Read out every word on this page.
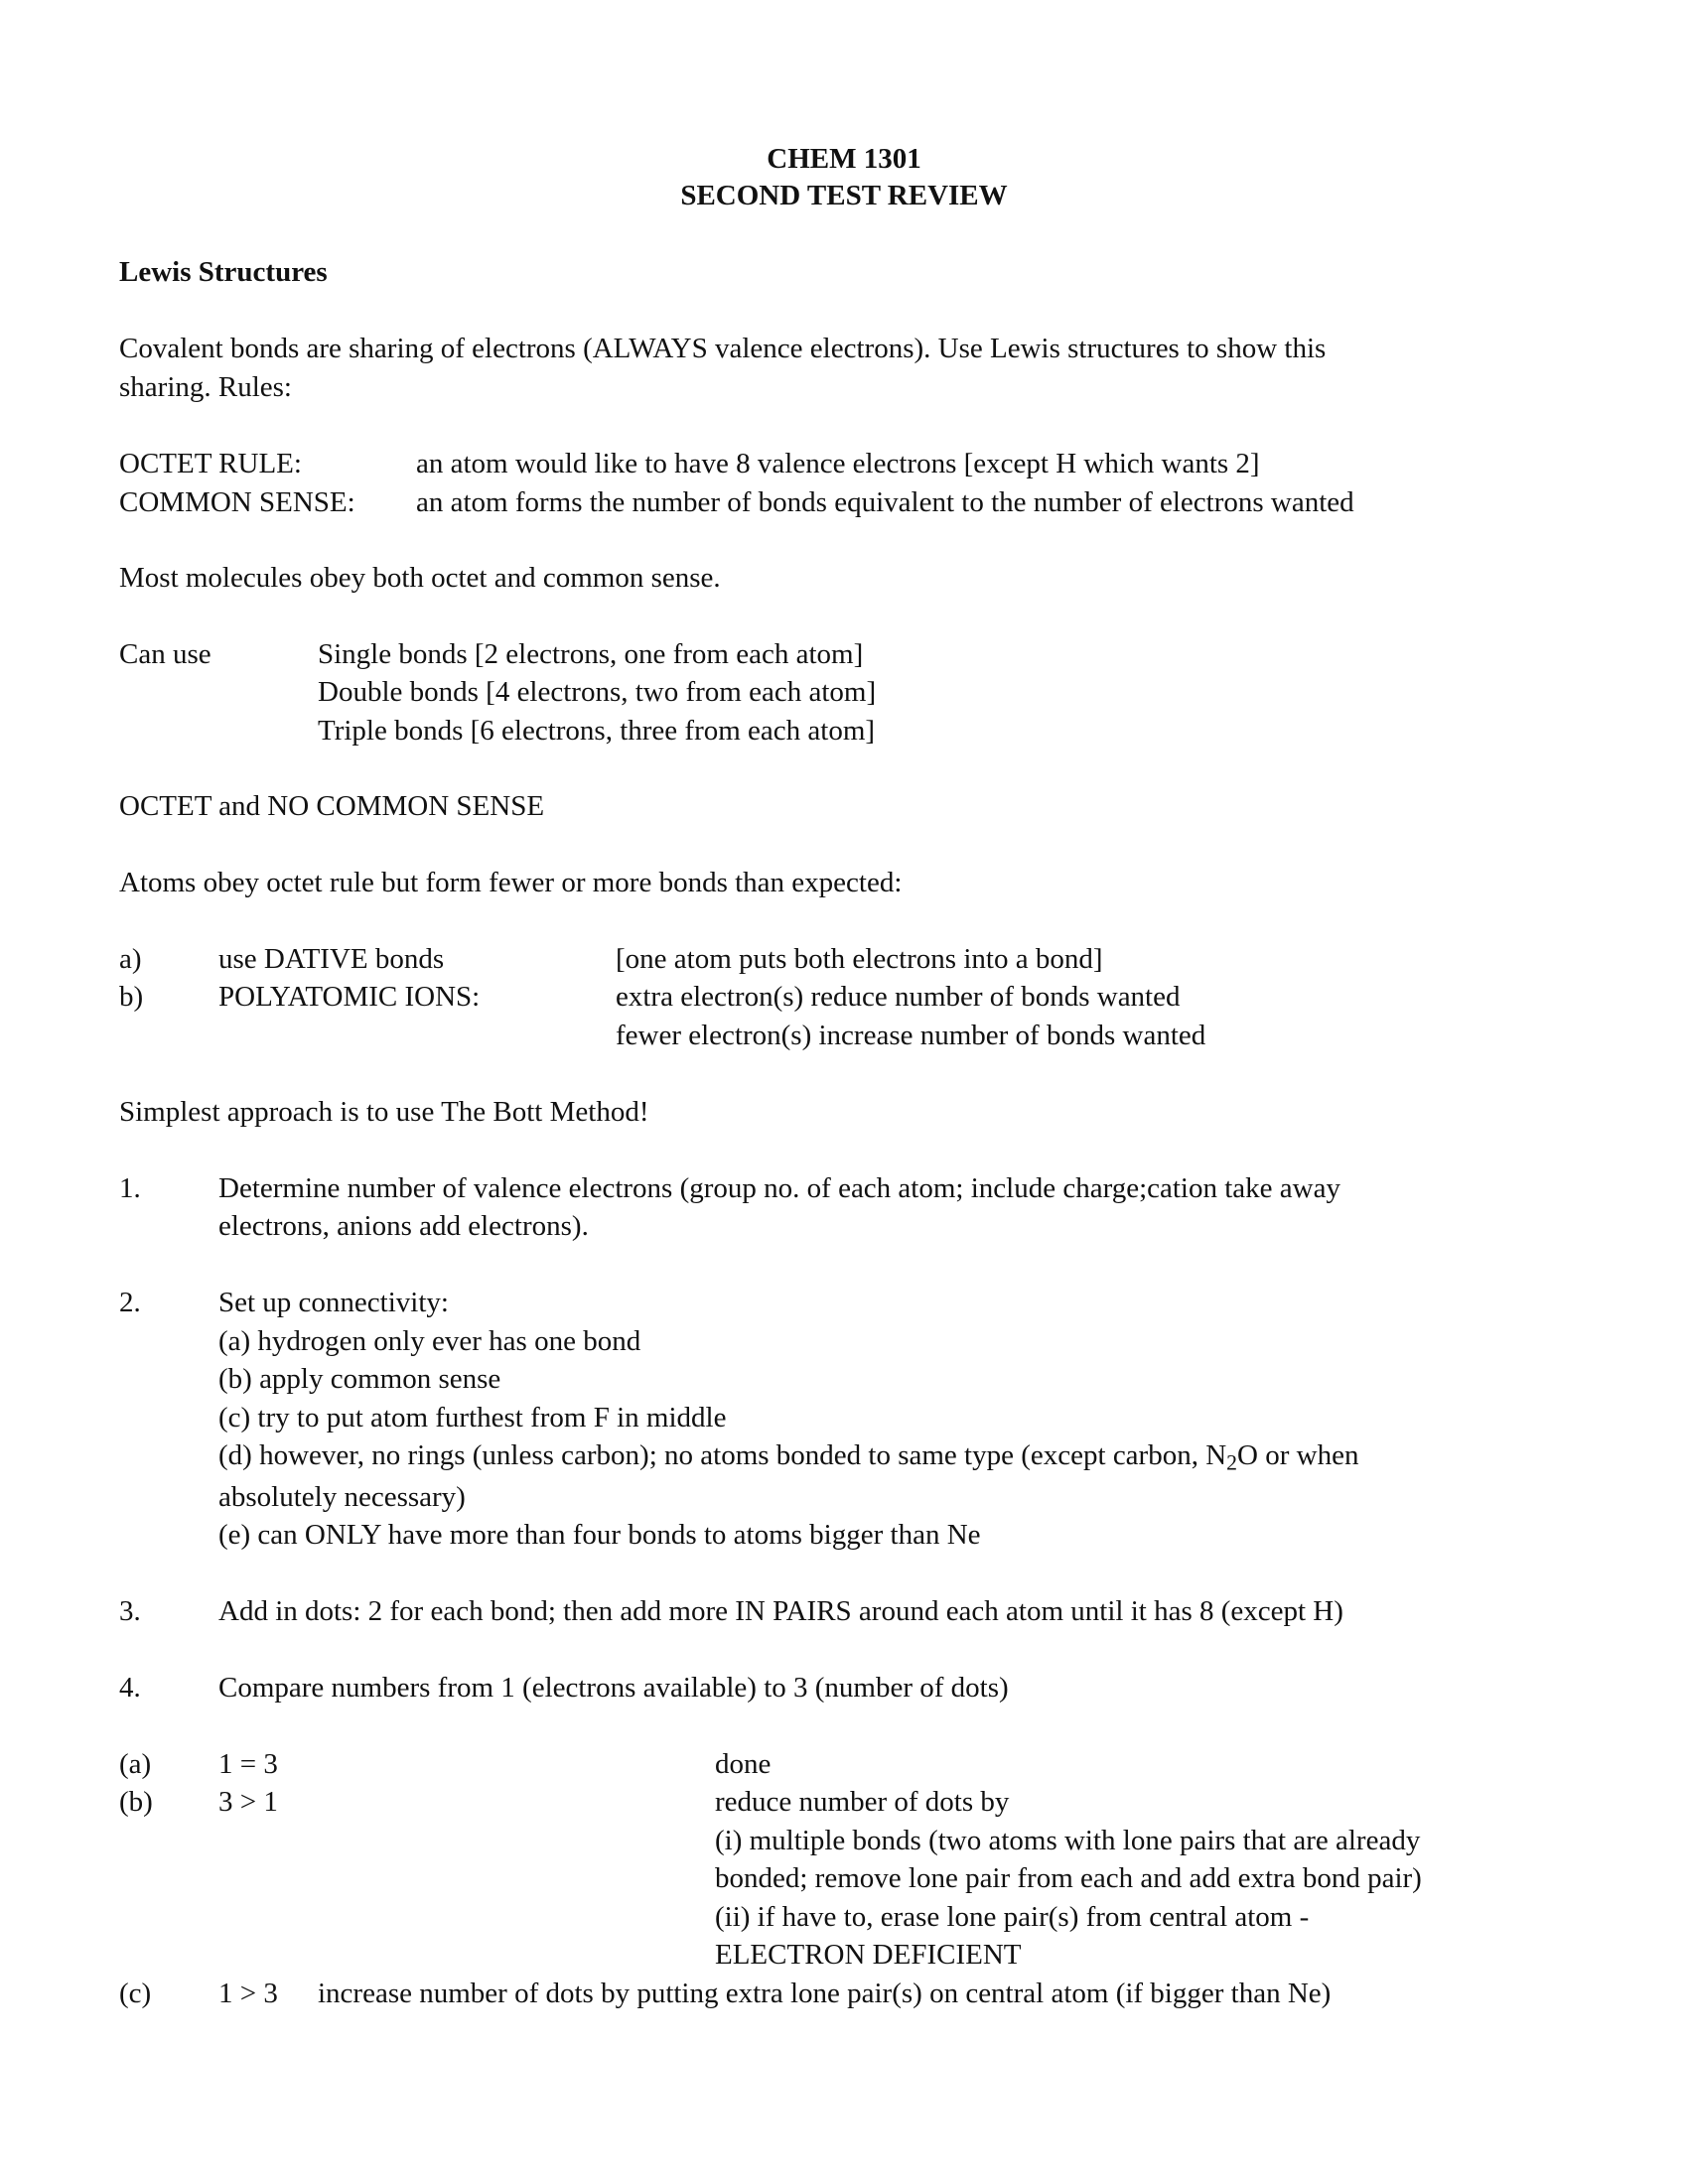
CHEM 1301
SECOND TEST REVIEW
Lewis Structures
Covalent bonds are sharing of electrons (ALWAYS valence electrons). Use Lewis structures to show this
sharing. Rules:
OCTET RULE:	an atom would like to have 8 valence electrons [except H which wants 2]
COMMON SENSE: an atom forms the number of bonds equivalent to the number of electrons wanted
Most molecules obey both octet and common sense.
Can use	Single bonds [2 electrons, one from each atom]
Double bonds [4 electrons, two from each atom]
Triple bonds [6 electrons, three from each atom]
OCTET and NO COMMON SENSE
Atoms obey octet rule but form fewer or more bonds than expected:
a)	use DATIVE bonds	[one atom puts both electrons into a bond]
b)	POLYATOMIC IONS:	extra electron(s) reduce number of bonds wanted
fewer electron(s) increase number of bonds wanted
Simplest approach is to use The Bott Method!
1.	Determine number of valence electrons (group no. of each atom; include charge;cation take away
electrons, anions add electrons).
2.	Set up connectivity:
(a) hydrogen only ever has one bond
(b) apply common sense
(c) try to put atom furthest from F in middle
(d) however, no rings (unless carbon); no atoms bonded to same type (except carbon, $N_2O$ or when
absolutely necessary)
(e) can ONLY have more than four bonds to atoms bigger than Ne
3.	Add in dots: 2 for each bond; then add more IN PAIRS around each atom until it has 8 (except H)
4.	Compare numbers from 1 (electrons available) to 3 (number of dots)
(a) 1 = 3	done
(b) 3 > 1	reduce number of dots by
(i) multiple bonds (two atoms with lone pairs that are already
bonded; remove lone pair from each and add extra bond pair)
(ii) if have to, erase lone pair(s) from central atom -
ELECTRON DEFICIENT
(c) 1 > 3 increase number of dots by putting extra lone pair(s) on central atom (if bigger than Ne)
